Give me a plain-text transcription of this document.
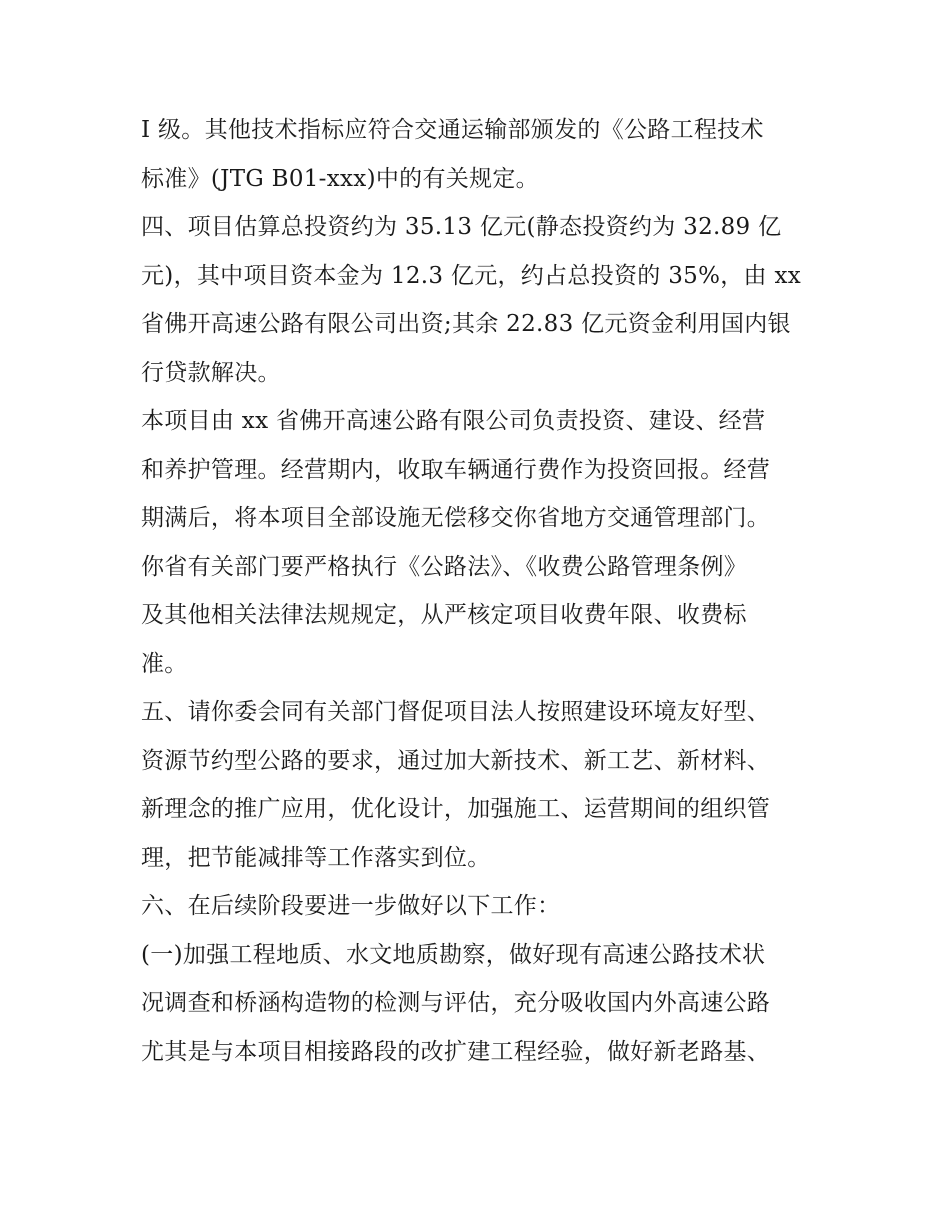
I 级。其他技术指标应符合交通运输部颁发的《公路工程技术
标准》(JTG B01-xxx)中的有关规定。
四、项目估算总投资约为 35.13 亿元(静态投资约为 32.89 亿
元)，其中项目资本金为 12.3 亿元，约占总投资的 35%，由 xx
省佛开高速公路有限公司出资;其余 22.83 亿元资金利用国内银
行贷款解决。
本项目由 xx 省佛开高速公路有限公司负责投资、建设、经营
和养护管理。经营期内，收取车辆通行费作为投资回报。经营
期满后，将本项目全部设施无偿移交你省地方交通管理部门。
你省有关部门要严格执行《公路法》、《收费公路管理条例》
及其他相关法律法规规定，从严核定项目收费年限、收费标
准。
五、请你委会同有关部门督促项目法人按照建设环境友好型、
资源节约型公路的要求，通过加大新技术、新工艺、新材料、
新理念的推广应用，优化设计，加强施工、运营期间的组织管
理，把节能减排等工作落实到位。
六、在后续阶段要进一步做好以下工作：
(一)加强工程地质、水文地质勘察，做好现有高速公路技术状
况调查和桥涵构造物的检测与评估，充分吸收国内外高速公路
尤其是与本项目相接路段的改扩建工程经验，做好新老路基、
